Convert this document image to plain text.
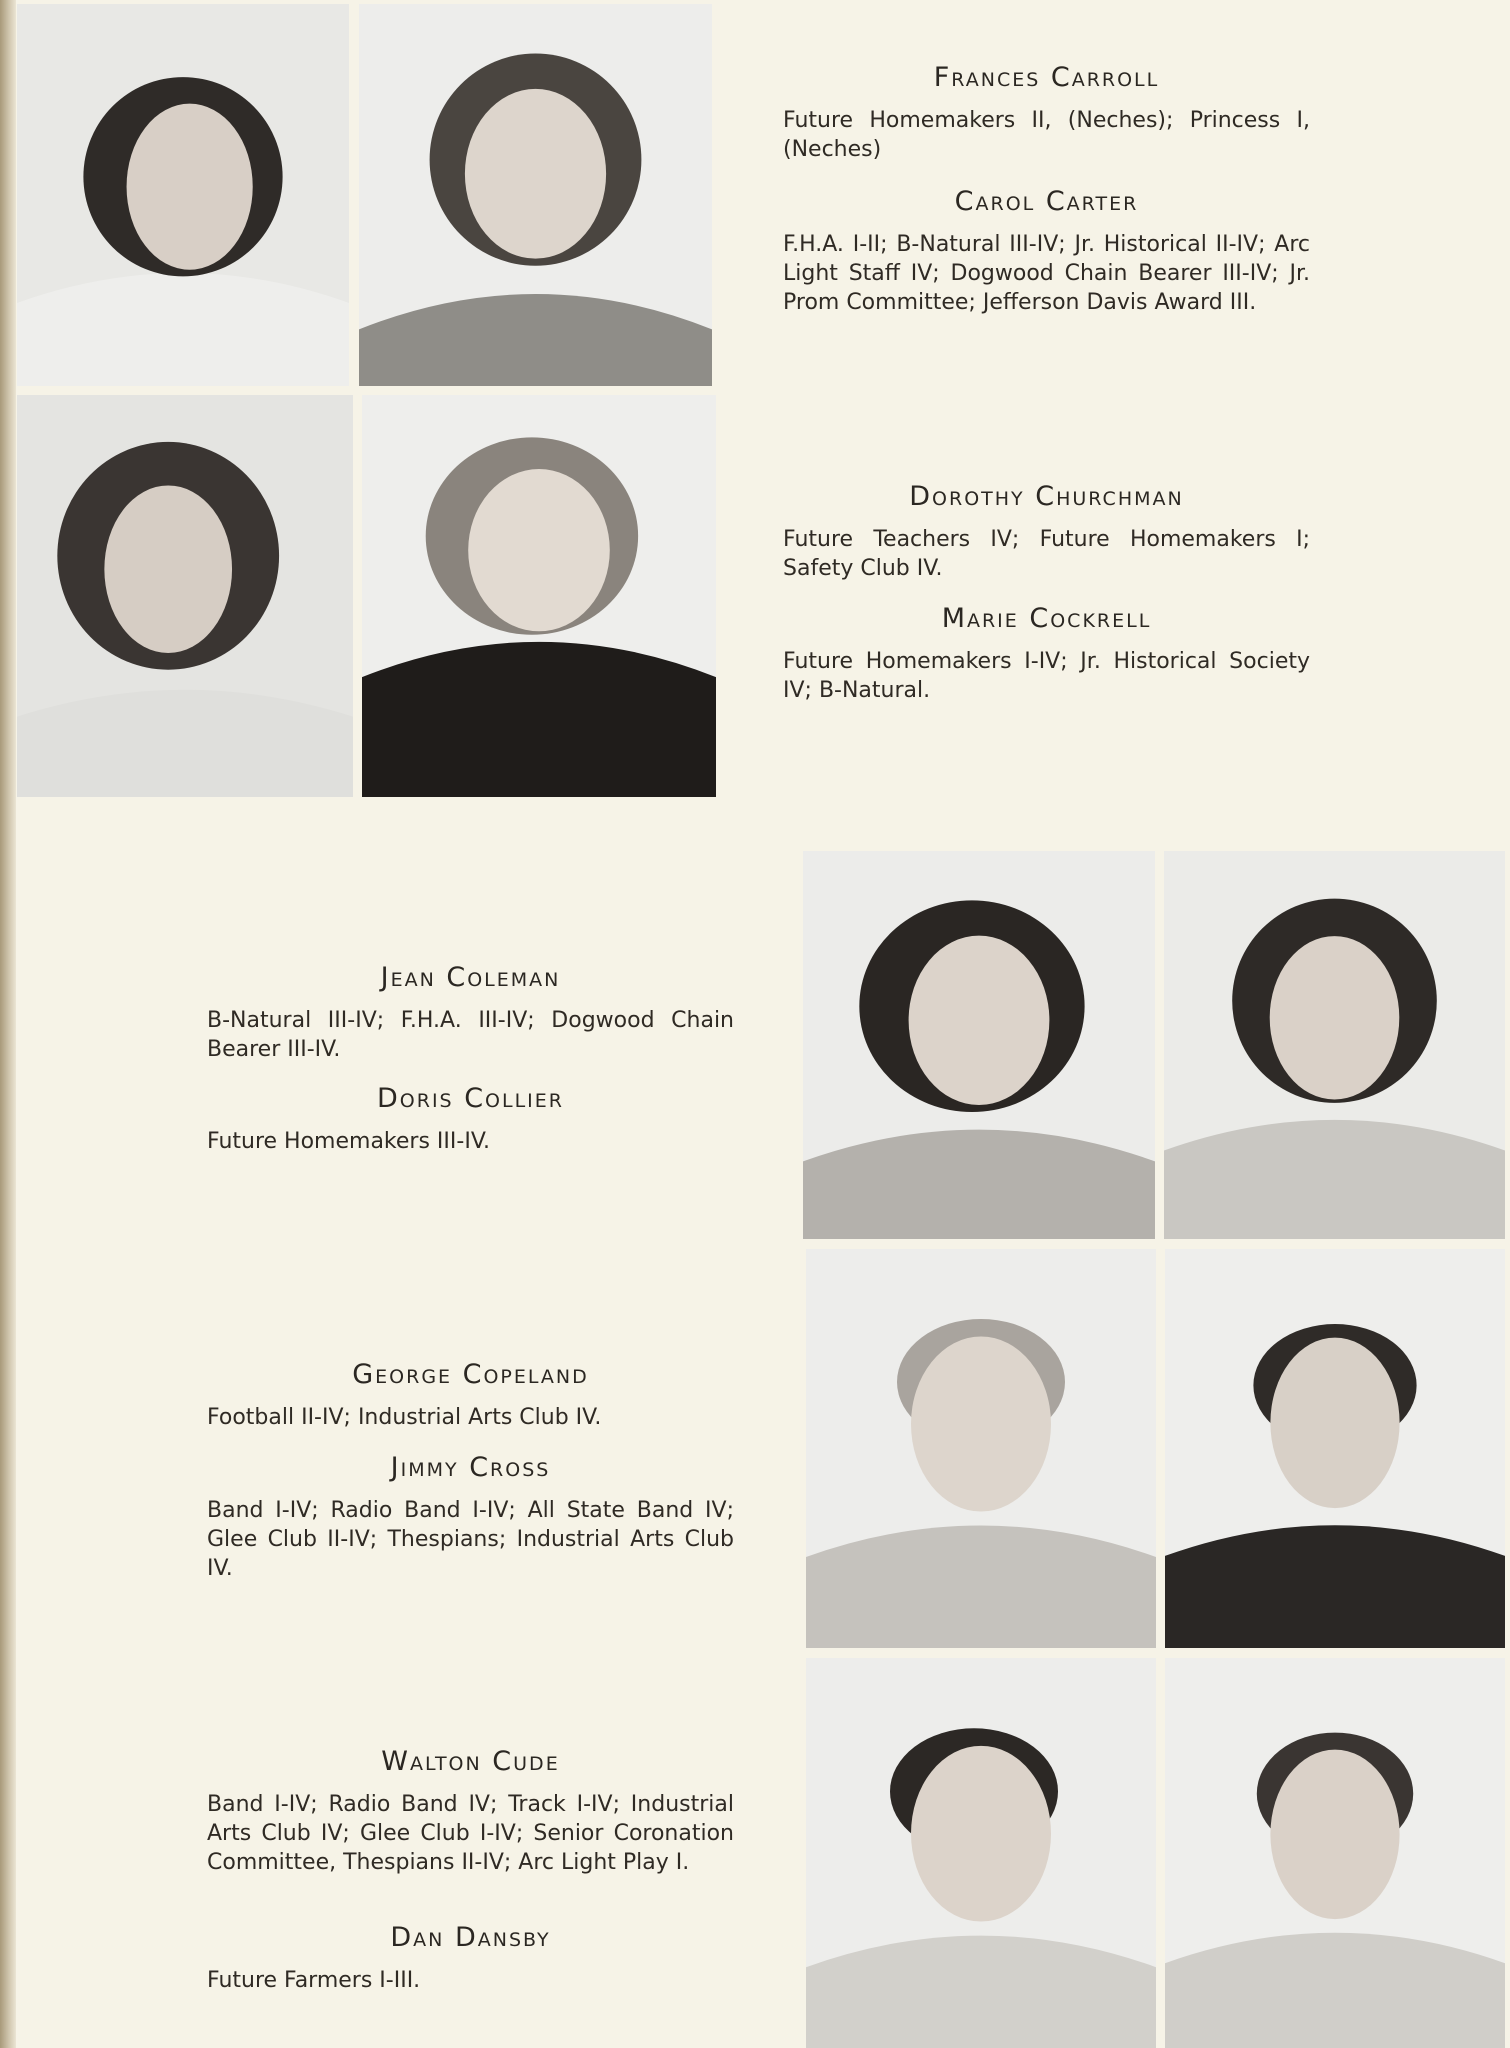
Frances Carroll
Future Homemakers II, (Neches); Princess I, (Neches)
Carol Carter
F.H.A. I-II; B-Natural III-IV; Jr. Historical II-IV; Arc Light Staff IV; Dogwood Chain Bearer III-IV; Jr. Prom Committee; Jefferson Davis Award III.
Dorothy Churchman
Future Teachers IV; Future Homemakers I; Safety Club IV.
Marie Cockrell
Future Homemakers I-IV; Jr. Historical Society IV; B-Natural.
Jean Coleman
B-Natural III-IV; F.H.A. III-IV; Dogwood Chain Bearer III-IV.
Doris Collier
Future Homemakers III-IV.
George Copeland
Football II-IV; Industrial Arts Club IV.
Jimmy Cross
Band I-IV; Radio Band I-IV; All State Band IV; Glee Club II-IV; Thespians; Industrial Arts Club IV.
Walton Cude
Band I-IV; Radio Band IV; Track I-IV; Industrial Arts Club IV; Glee Club I-IV; Senior Coronation Committee, Thespians II-IV; Arc Light Play I.
Dan Dansby
Future Farmers I-III.
